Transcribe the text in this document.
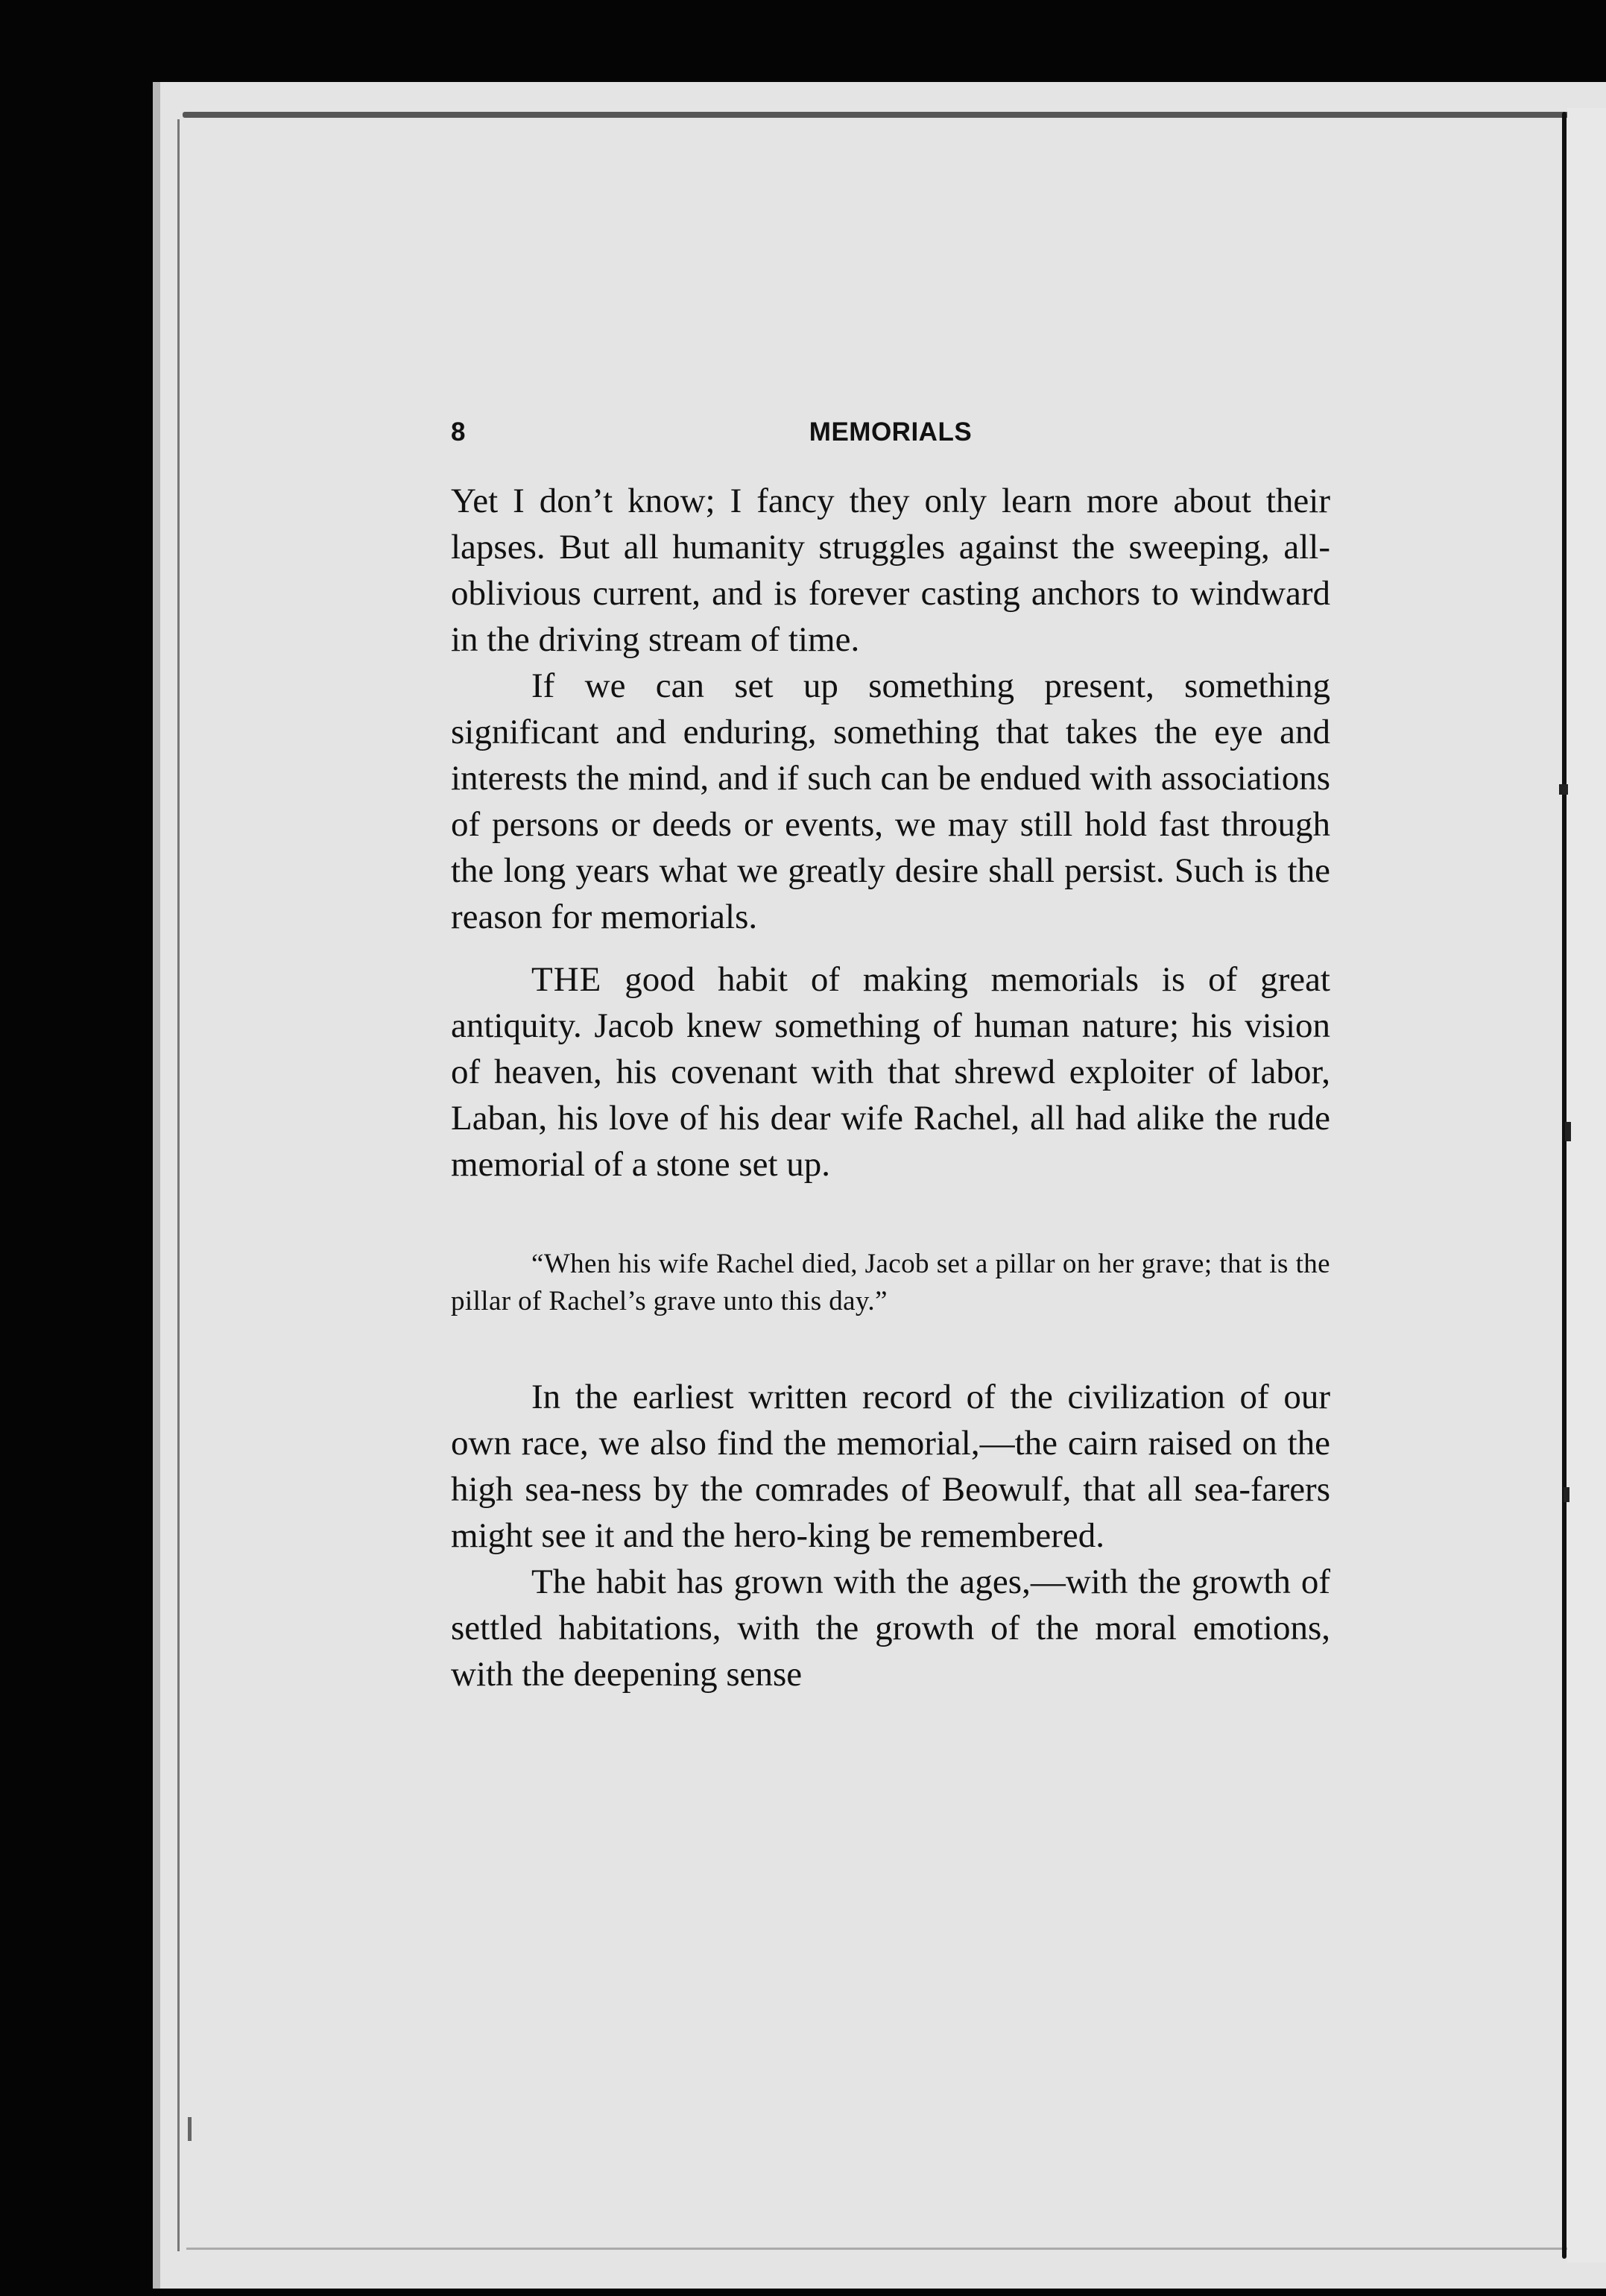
8	MEMORIALS

Yet I don’t know; I fancy they only learn more about their lapses. But all humanity struggles against the sweeping, all-oblivious current, and is forever casting anchors to windward in the driving stream of time.

If we can set up something present, something significant and enduring, something that takes the eye and interests the mind, and if such can be endued with associations of persons or deeds or events, we may still hold fast through the long years what we greatly desire shall persist. Such is the reason for memorials.

THE good habit of making memorials is of great antiquity. Jacob knew something of human nature; his vision of heaven, his covenant with that shrewd exploiter of labor, Laban, his love of his dear wife Rachel, all had alike the rude memorial of a stone set up.

“When his wife Rachel died, Jacob set a pillar on her grave; that is the pillar of Rachel’s grave unto this day.”

In the earliest written record of the civilization of our own race, we also find the memorial,—the cairn raised on the high sea-ness by the comrades of Beowulf, that all sea-farers might see it and the hero-king be remembered.

The habit has grown with the ages,—with the growth of settled habitations, with the growth of the moral emotions, with the deepening sense
